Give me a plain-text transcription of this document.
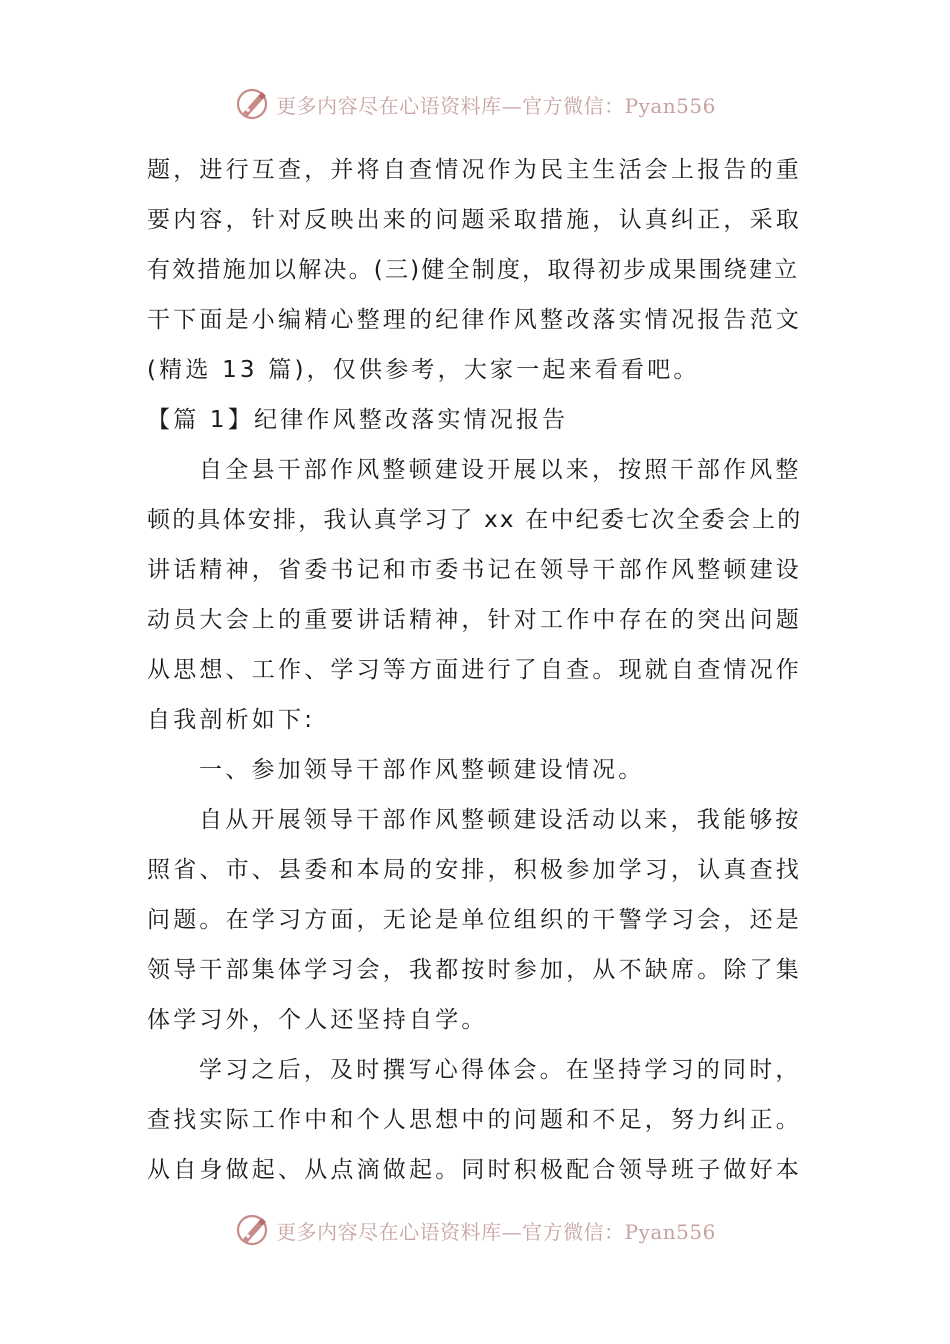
更多内容尽在心语资料库—官方微信：Pyan556
题，进行互查，并将自查情况作为民主生活会上报告的重
要内容，针对反映出来的问题采取措施，认真纠正，采取
有效措施加以解决。(三)健全制度，取得初步成果围绕建立
干下面是小编精心整理的纪律作风整改落实情况报告范文
(精选 13 篇)，仅供参考，大家一起来看看吧。
【篇 1】纪律作风整改落实情况报告
自全县干部作风整顿建设开展以来，按照干部作风整
顿的具体安排，我认真学习了 xx 在中纪委七次全委会上的
讲话精神，省委书记和市委书记在领导干部作风整顿建设
动员大会上的重要讲话精神，针对工作中存在的突出问题
从思想、工作、学习等方面进行了自查。现就自查情况作
自我剖析如下:
一、参加领导干部作风整顿建设情况。
自从开展领导干部作风整顿建设活动以来，我能够按
照省、市、县委和本局的安排，积极参加学习，认真查找
问题。在学习方面，无论是单位组织的干警学习会，还是
领导干部集体学习会，我都按时参加，从不缺席。除了集
体学习外，个人还坚持自学。
学习之后，及时撰写心得体会。在坚持学习的同时，
查找实际工作中和个人思想中的问题和不足，努力纠正。
从自身做起、从点滴做起。同时积极配合领导班子做好本
更多内容尽在心语资料库—官方微信：Pyan556
